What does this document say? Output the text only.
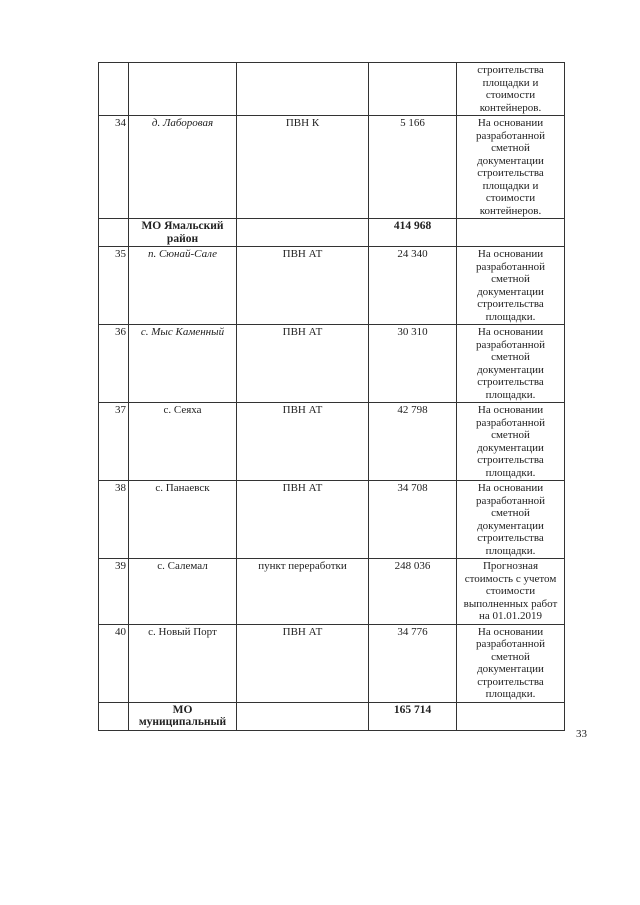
				строительства площадки и стоимости контейнеров.
34	д. Лаборовая	ПВН К	5 166	На основании разработанной сметной документации строительства площадки и стоимости контейнеров.
	МО Ямальский район		414 968	
35	п. Сюнай-Сале	ПВН АТ	24 340	На основании разработанной сметной документации строительства площадки.
36	с. Мыс Каменный	ПВН АТ	30 310	На основании разработанной сметной документации строительства площадки.
37	с. Сеяха	ПВН АТ	42 798	На основании разработанной сметной документации строительства площадки.
38	с. Панаевск	ПВН АТ	34 708	На основании разработанной сметной документации строительства площадки.
39	с. Салемал	пункт переработки	248 036	Прогнозная стоимость с учетом стоимости выполненных работ на 01.01.2019
40	с. Новый Порт	ПВН АТ	34 776	На основании разработанной сметной документации строительства площадки.
	МО муниципальный		165 714	
33
